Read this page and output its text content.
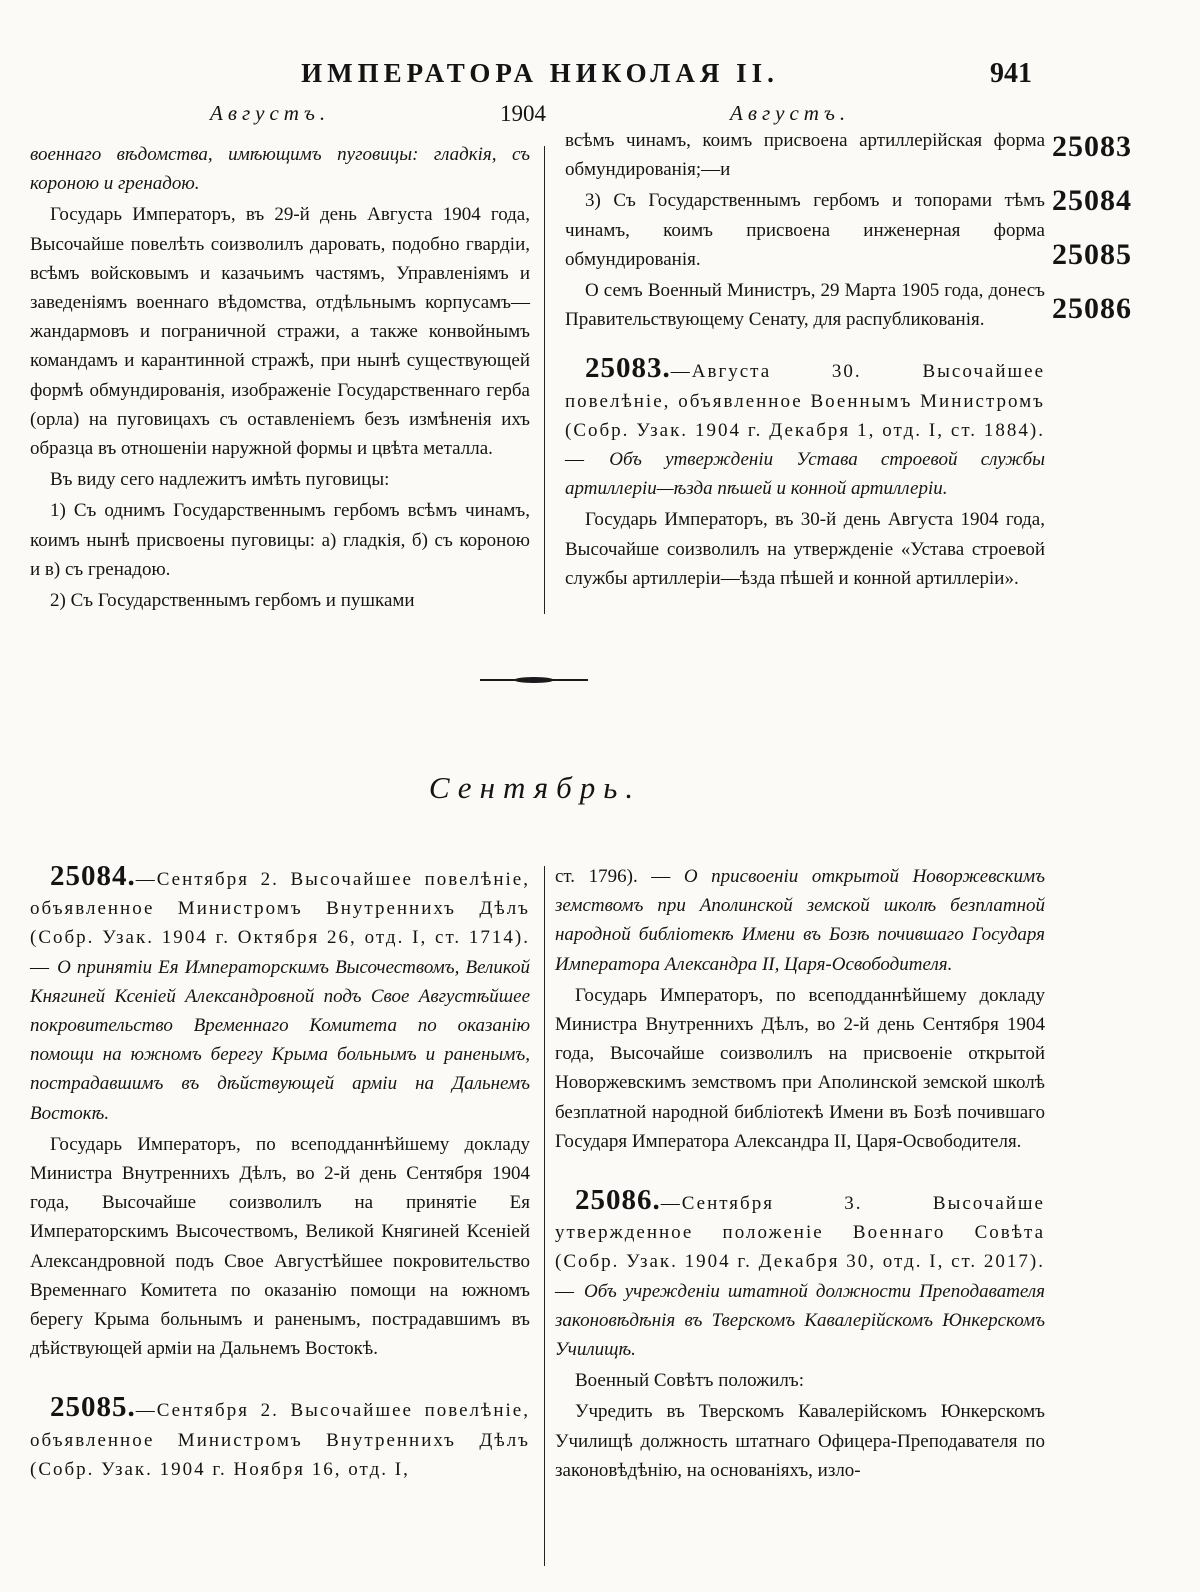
ИМПЕРАТОРА НИКОЛАЯ II.	941
Августъ.	1904	Августъ.

военнаго вѣдомства, имѣющимъ пуговицы: гладкія, съ короною и гренадою.

Государь Императоръ, въ 29-й день Августа 1904 года, Высочайше повелѣть соизволилъ даровать, подобно гвардіи, всѣмъ войсковымъ и казачьимъ частямъ, Управленіямъ и заведеніямъ военнаго вѣдомства, отдѣльнымъ корпусамъ—жандармовъ и пограничной стражи, а также конвойнымъ командамъ и карантинной стражѣ, при нынѣ существующей формѣ обмундированія, изображеніе Государственнаго герба (орла) на пуговицахъ съ оставленіемъ безъ измѣненія ихъ образца въ отношеніи наружной формы и цвѣта металла.

Въ виду сего надлежитъ имѣть пуговицы:

1) Съ однимъ Государственнымъ гербомъ всѣмъ чинамъ, коимъ нынѣ присвоены пуговицы: а) гладкія, б) съ короною и в) съ гренадою.

2) Съ Государственнымъ гербомъ и пушками

всѣмъ чинамъ, коимъ присвоена артиллерійская форма обмундированія;—и

3) Съ Государственнымъ гербомъ и топорами тѣмъ чинамъ, коимъ присвоена инженерная форма обмундированія.

О семъ Военный Министръ, 29 Марта 1905 года, донесъ Правительствующему Сенату, для распубликованія.

25083.—Августа 30. Высочайшее повелѣніе, объявленное Военнымъ Министромъ (Собр. Узак. 1904 г. Декабря 1, отд. I, ст. 1884).— Объ утвержденіи Устава строевой службы артиллеріи—ѣзда пѣшей и конной артиллеріи.

Государь Императоръ, въ 30-й день Августа 1904 года, Высочайше соизволилъ на утвержденіе «Устава строевой службы артиллеріи—ѣзда пѣшей и конной артиллеріи».

25083
25084
25085
25086
Сентябрь.

25084.—Сентября 2. Высочайшее повелѣніе, объявленное Министромъ Внутреннихъ Дѣлъ (Собр. Узак. 1904 г. Октября 26, отд. I, ст. 1714). — О принятіи Ея Императорскимъ Высочествомъ, Великой Княгиней Ксеніей Александровной подъ Свое Августѣйшее покровительство Временнаго Комитета по оказанію помощи на южномъ берегу Крыма больнымъ и раненымъ, пострадавшимъ въ дѣйствующей арміи на Дальнемъ Востокѣ.

Государь Императоръ, по всеподданнѣйшему докладу Министра Внутреннихъ Дѣлъ, во 2-й день Сентября 1904 года, Высочайше соизволилъ на принятіе Ея Императорскимъ Высочествомъ, Великой Княгиней Ксеніей Александровной подъ Свое Августѣйшее покровительство Временнаго Комитета по оказанію помощи на южномъ берегу Крыма больнымъ и раненымъ, пострадавшимъ въ дѣйствующей арміи на Дальнемъ Востокѣ.

25085.—Сентября 2. Высочайшее повелѣніе, объявленное Министромъ Внутреннихъ Дѣлъ (Собр. Узак. 1904 г. Ноября 16, отд. I,

ст. 1796). — О присвоеніи открытой Новоржевскимъ земствомъ при Аполинской земской школѣ безплатной народной библіотекѣ Имени въ Бозѣ почившаго Государя Императора Александра II, Царя-Освободителя.

Государь Императоръ, по всеподданнѣйшему докладу Министра Внутреннихъ Дѣлъ, во 2-й день Сентября 1904 года, Высочайше соизволилъ на присвоеніе открытой Новоржевскимъ земствомъ при Аполинской земской школѣ безплатной народной библіотекѣ Имени въ Бозѣ почившаго Государя Императора Александра II, Царя-Освободителя.

25086.—Сентября 3. Высочайше утвержденное положеніе Военнаго Совѣта (Собр. Узак. 1904 г. Декабря 30, отд. I, ст. 2017).— Объ учрежденіи штатной должности Преподавателя законовѣдѣнія въ Тверскомъ Кавалерійскомъ Юнкерскомъ Училищѣ.

Военный Совѣтъ положилъ:

Учредить въ Тверскомъ Кавалерійскомъ Юнкерскомъ Училищѣ должность штатнаго Офицера-Преподавателя по законовѣдѣнію, на основаніяхъ, изло-
